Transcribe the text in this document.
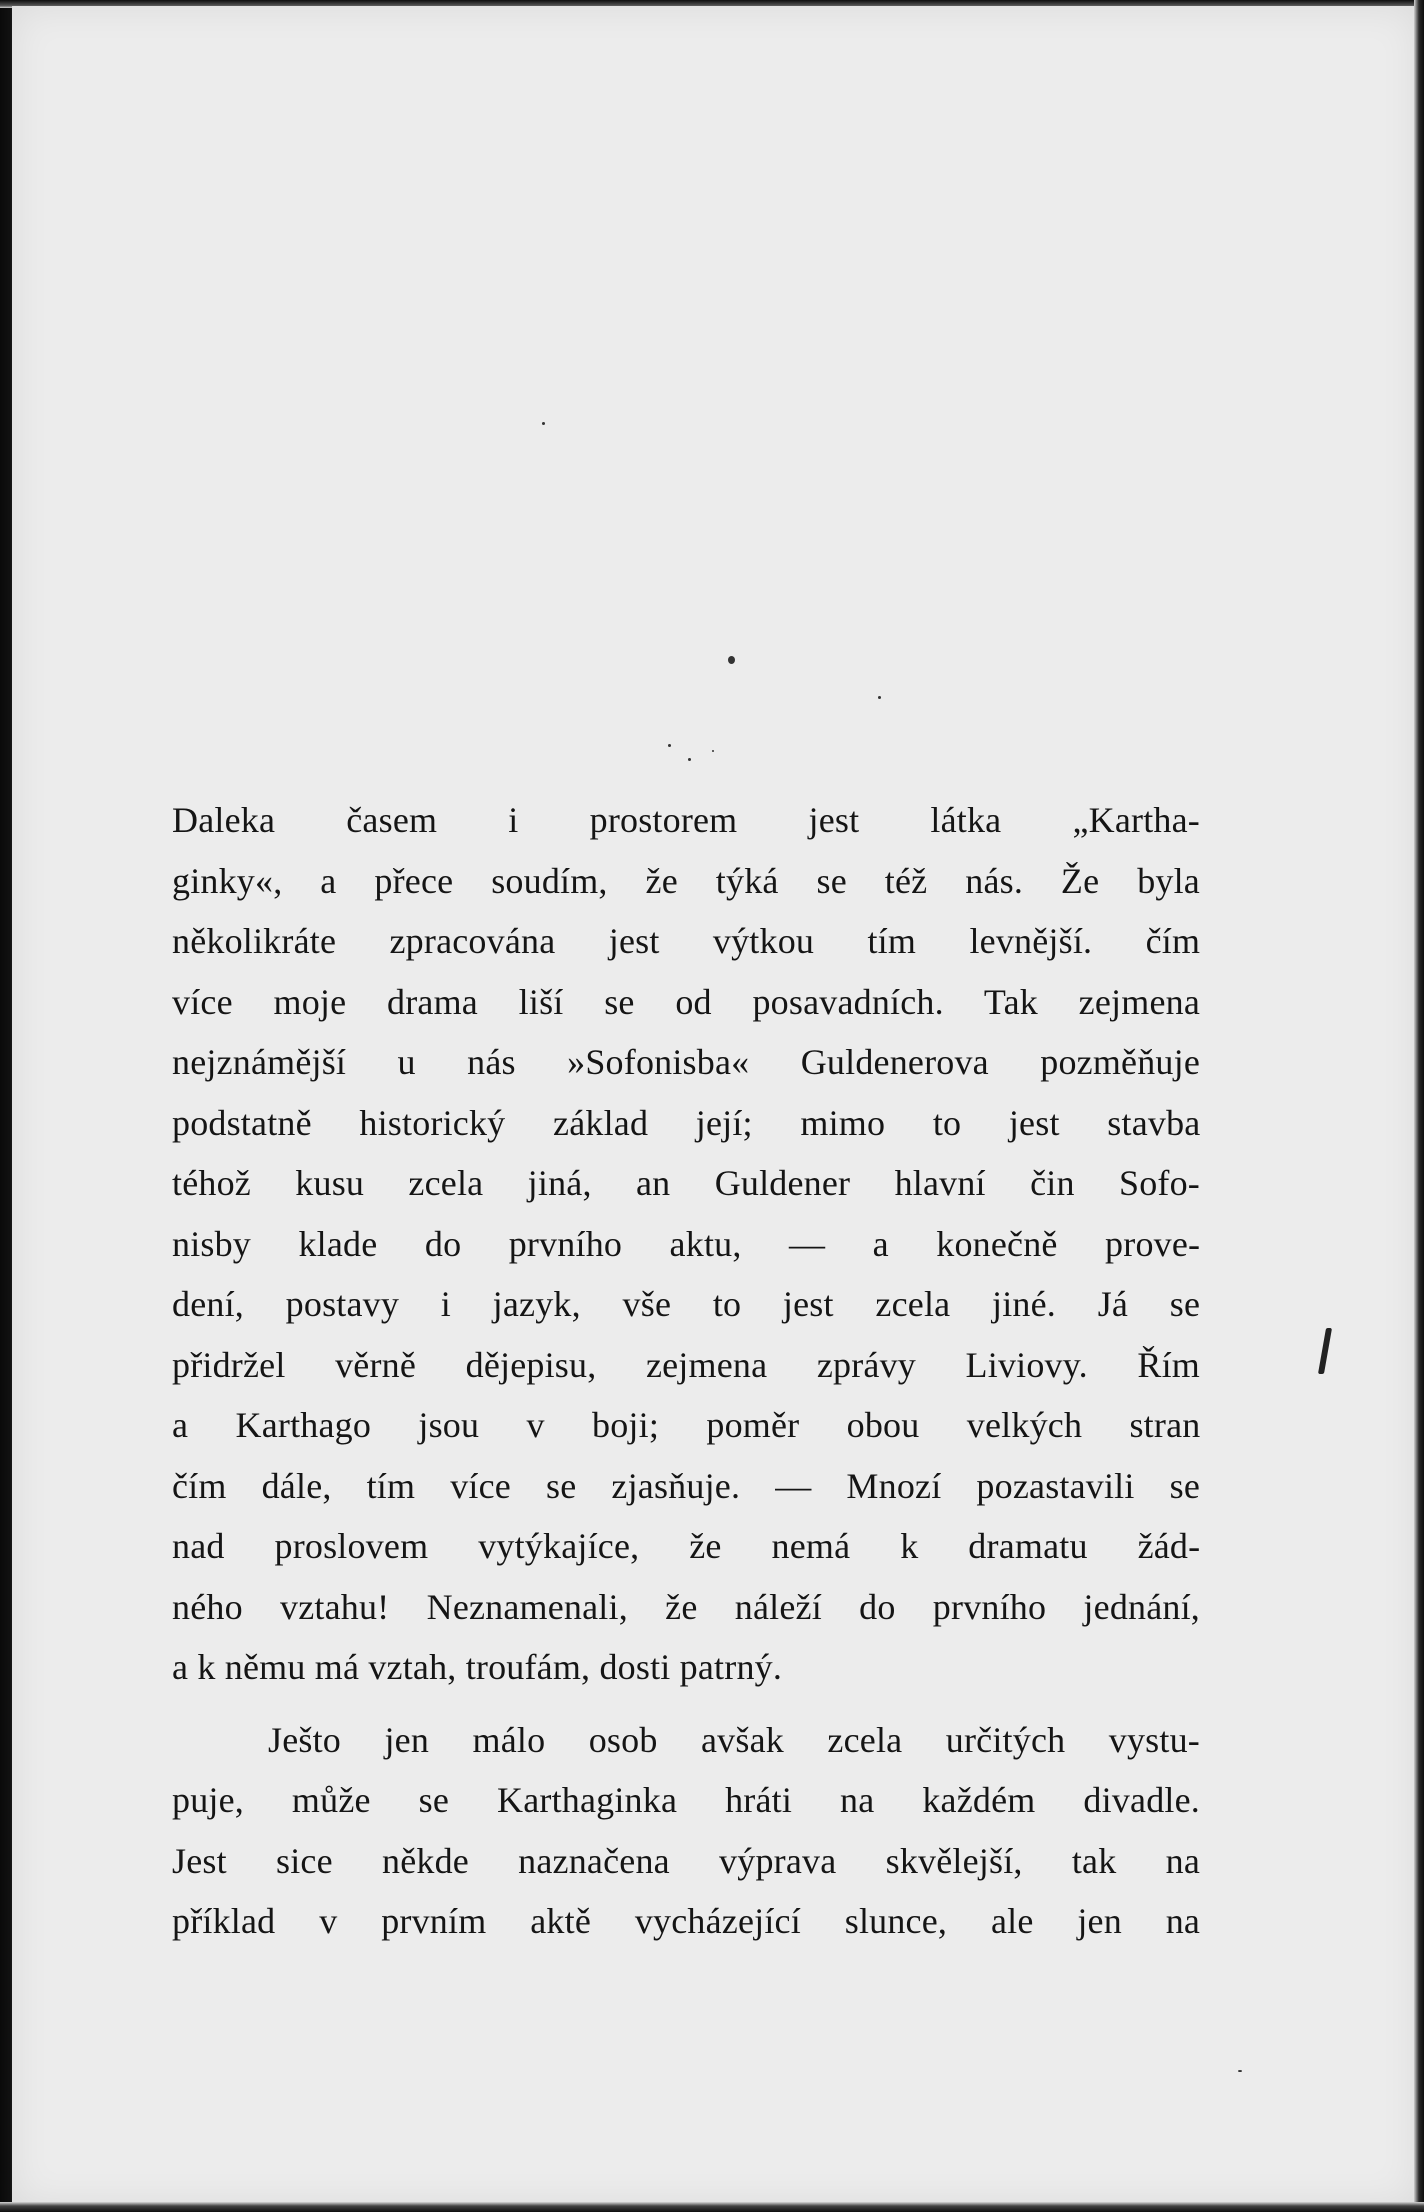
Daleka časem i prostorem jest látka „Kartha-
ginky«, a přece soudím, že týká se též nás. Že byla
několikráte zpracována jest výtkou tím levnější. čím
více moje drama liší se od posavadních. Tak zejmena
nejznámější u nás »Sofonisba« Guldenerova pozměňuje
podstatně historický základ její; mimo to jest stavba
téhož kusu zcela jiná, an Guldener hlavní čin Sofo-
nisby klade do prvního aktu, — a konečně prove-
dení, postavy i jazyk, vše to jest zcela jiné. Já se
přidržel věrně dějepisu, zejmena zprávy Liviovy. Řím
a Karthago jsou v boji; poměr obou velkých stran
čím dále, tím více se zjasňuje. — Mnozí pozastavili se
nad proslovem vytýkajíce, že nemá k dramatu žád-
ného vztahu! Neznamenali, že náleží do prvního jednání,
a k němu má vztah, troufám, dosti patrný.

Ješto jen málo osob avšak zcela určitých vystu-
puje, může se Karthaginka hráti na každém divadle.
Jest sice někde naznačena výprava skvělejší, tak na
příklad v prvním aktě vycházející slunce, ale jen na
